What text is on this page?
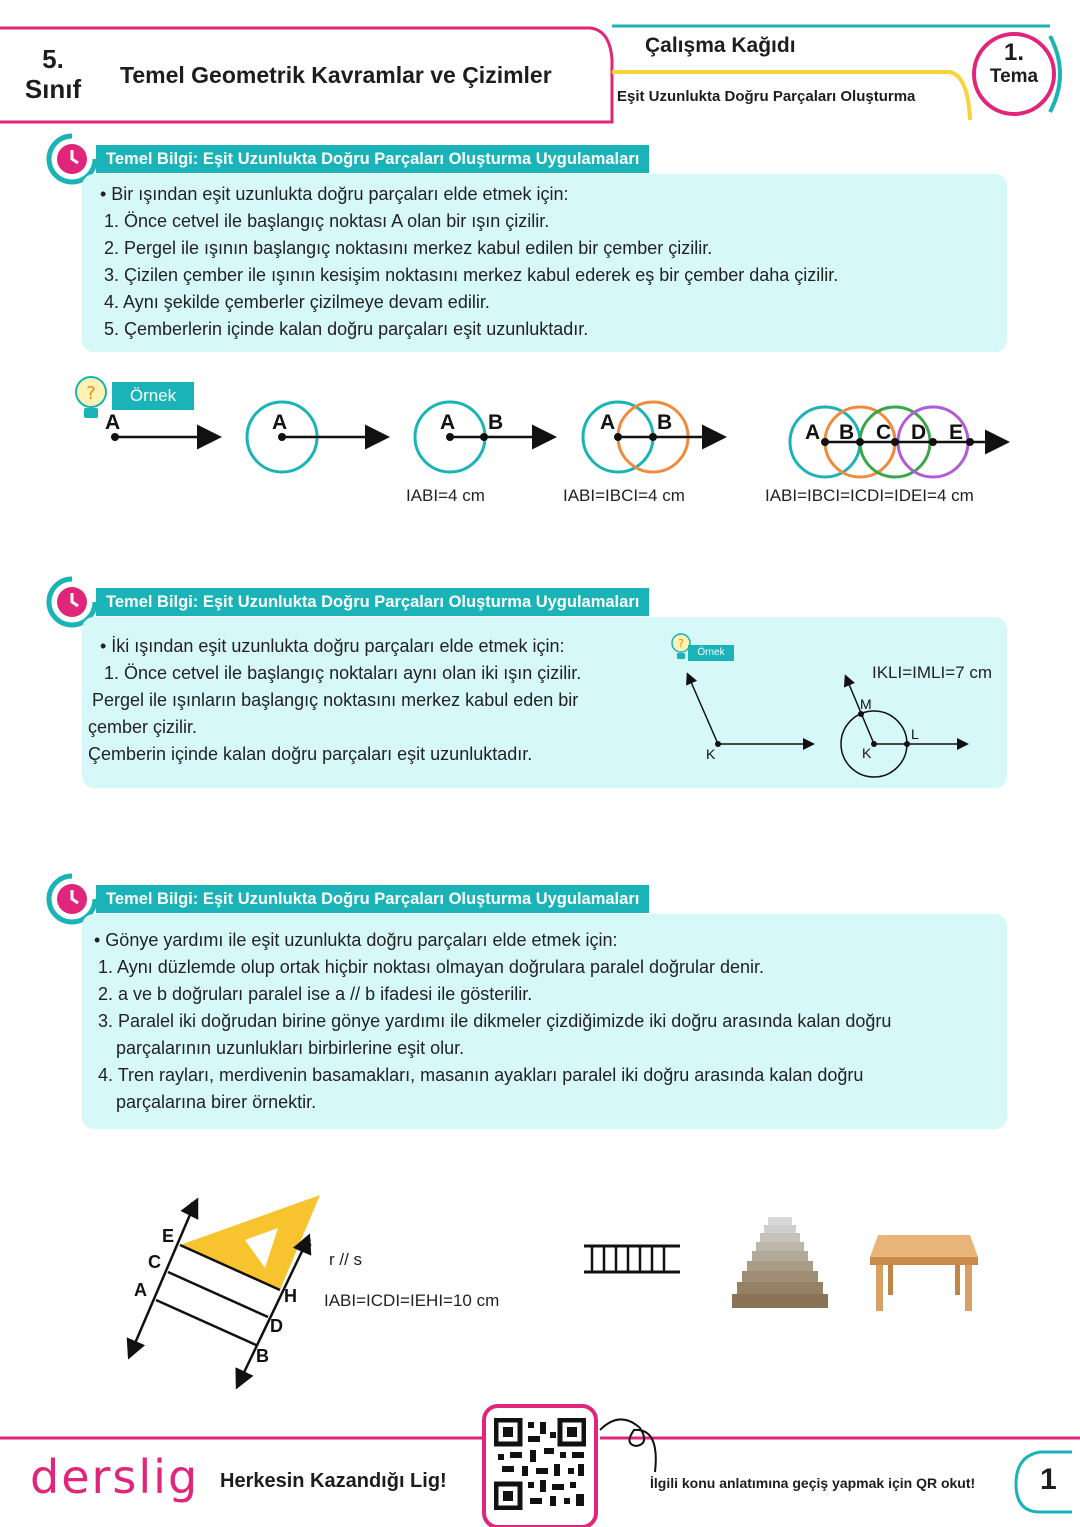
5.
Sınıf Temel Geometrik Kavramlar ve Çizimler
Çalışma Kağıdı
Eşit Uzunlukta Doğru Parçaları Oluşturma
1.
Tema
Temel Bilgi: Eşit Uzunlukta Doğru Parçaları Oluşturma Uygulamaları
• Bir ışından eşit uzunlukta doğru parçaları elde etmek için:
1. Önce cetvel ile başlangıç noktası A olan bir ışın çizilir.
2. Pergel ile ışının başlangıç noktasını merkez kabul edilen bir çember çizilir.
3. Çizilen çember ile ışının kesişim noktasını merkez kabul ederek eş bir çember daha çizilir.
4. Aynı şekilde çemberler çizilmeye devam edilir.
5. Çemberlerin içinde kalan doğru parçaları eşit uzunluktadır.
?	Örnek
A	A	A B	A B	A B C D E
IABI=4 cm	IABI=IBCI=4 cm	IABI=IBCI=ICDI=IDEI=4 cm
Temel Bilgi: Eşit Uzunlukta Doğru Parçaları Oluşturma Uygulamaları
• İki ışından eşit uzunlukta doğru parçaları elde etmek için:
1. Önce cetvel ile başlangıç noktaları aynı olan iki ışın çizilir.
Pergel ile ışınların başlangıç noktasını merkez kabul eden bir
çember çizilir.
Çemberin içinde kalan doğru parçaları eşit uzunluktadır.
?
Örnek
IKLI=IMLI=7 cm
K	K
M
L
Temel Bilgi: Eşit Uzunlukta Doğru Parçaları Oluşturma Uygulamaları
• Gönye yardımı ile eşit uzunlukta doğru parçaları elde etmek için:
1. Aynı düzlemde olup ortak hiçbir noktası olmayan doğrulara paralel doğrular denir.
2. a ve b doğruları paralel ise a // b ifadesi ile gösterilir.
3. Paralel iki doğrudan birine gönye yardımı ile dikmeler çizdiğimizde iki doğru arasında kalan doğru
parçalarının uzunlukları birbirlerine eşit olur.
4. Tren rayları, merdivenin basamakları, masanın ayakları paralel iki doğru arasında kalan doğru
parçalarına birer örnektir.
r
s
E
C
A	H
D
B
r // s
IABI=ICDI=IEHI=10 cm
derslig Herkesin Kazandığı Lig!	İlgili konu anlatımına geçiş yapmak için QR okut! 1
